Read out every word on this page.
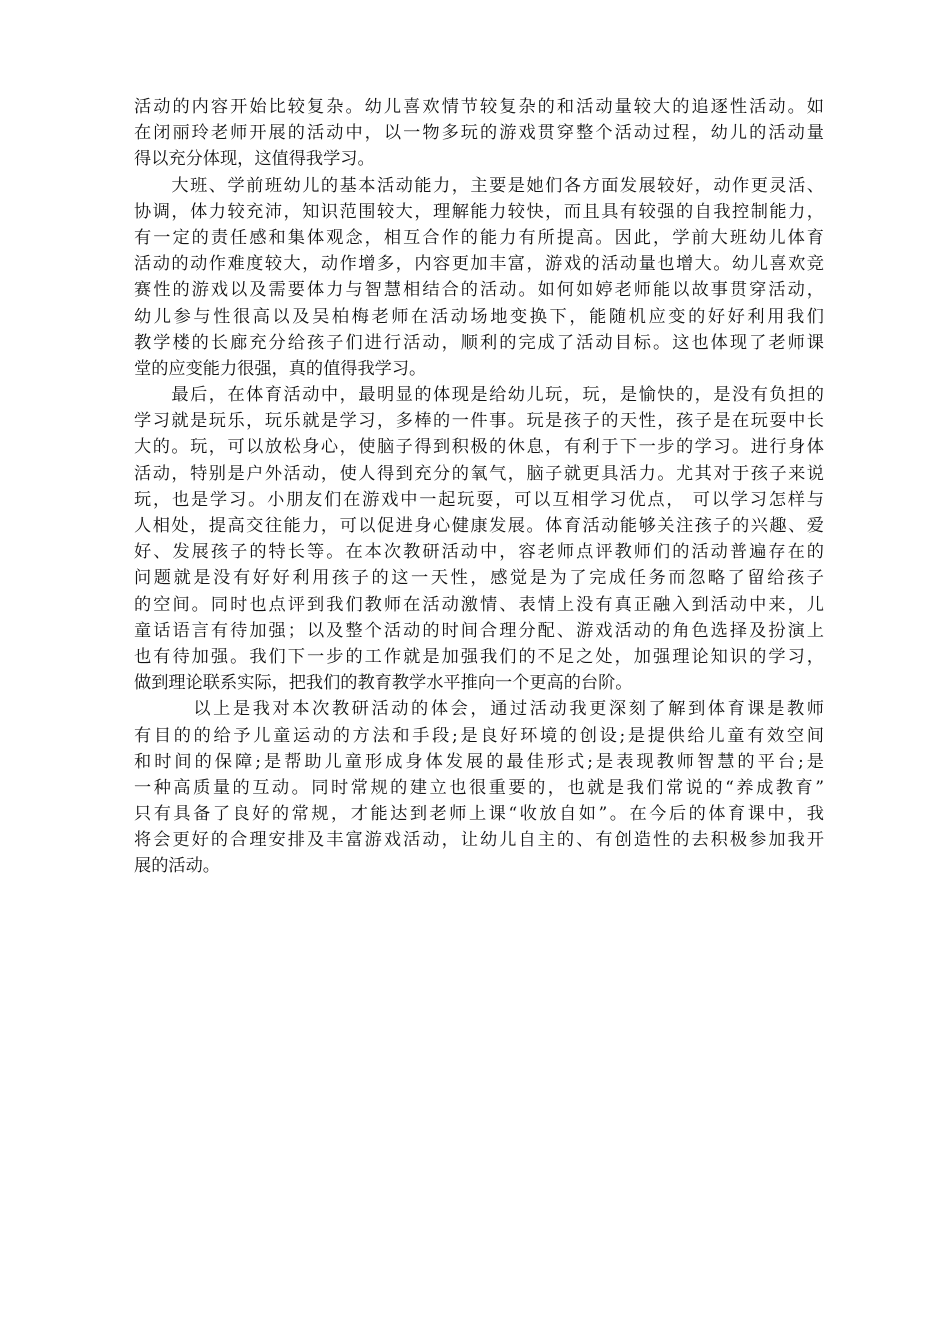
活动的内容开始比较复杂。幼儿喜欢情节较复杂的和活动量较大的追逐性活动。如
在闭丽玲老师开展的活动中，以一物多玩的游戏贯穿整个活动过程，幼儿的活动量
得以充分体现，这值得我学习。
　　大班、学前班幼儿的基本活动能力，主要是她们各方面发展较好，动作更灵活、
协调，体力较充沛，知识范围较大，理解能力较快，而且具有较强的自我控制能力，
有一定的责任感和集体观念，相互合作的能力有所提高。因此，学前大班幼儿体育
活动的动作难度较大，动作增多，内容更加丰富，游戏的活动量也增大。幼儿喜欢竞
赛性的游戏以及需要体力与智慧相结合的活动。如何如婷老师能以故事贯穿活动，
幼儿参与性很高以及吴柏梅老师在活动场地变换下，能随机应变的好好利用我们
教学楼的长廊充分给孩子们进行活动，顺利的完成了活动目标。这也体现了老师课
堂的应变能力很强，真的值得我学习。
　　最后，在体育活动中，最明显的体现是给幼儿玩，玩，是愉快的，是没有负担的
学习就是玩乐，玩乐就是学习，多棒的一件事。玩是孩子的天性，孩子是在玩耍中长
大的。玩，可以放松身心，使脑子得到积极的休息，有利于下一步的学习。进行身体
活动，特别是户外活动，使人得到充分的氧气，脑子就更具活力。尤其对于孩子来说
玩，也是学习。小朋友们在游戏中一起玩耍，可以互相学习优点， 可以学习怎样与
人相处，提高交往能力，可以促进身心健康发展。体育活动能够关注孩子的兴趣、爱
好、发展孩子的特长等。在本次教研活动中，容老师点评教师们的活动普遍存在的
问题就是没有好好利用孩子的这一天性，感觉是为了完成任务而忽略了留给孩子
的空间。同时也点评到我们教师在活动激情、表情上没有真正融入到活动中来，儿
童话语言有待加强；以及整个活动的时间合理分配、游戏活动的角色选择及扮演上
也有待加强。我们下一步的工作就是加强我们的不足之处，加强理论知识的学习，
做到理论联系实际，把我们的教育教学水平推向一个更高的台阶。
　　　以上是我对本次教研活动的体会，通过活动我更深刻了解到体育课是教师
有目的的给予儿童运动的方法和手段;是良好环境的创设;是提供给儿童有效空间
和时间的保障;是帮助儿童形成身体发展的最佳形式;是表现教师智慧的平台;是
一种高质量的互动。同时常规的建立也很重要的，也就是我们常说的“养成教育”
只有具备了良好的常规，才能达到老师上课“收放自如”。在今后的体育课中，我
将会更好的合理安排及丰富游戏活动，让幼儿自主的、有创造性的去积极参加我开
展的活动。
